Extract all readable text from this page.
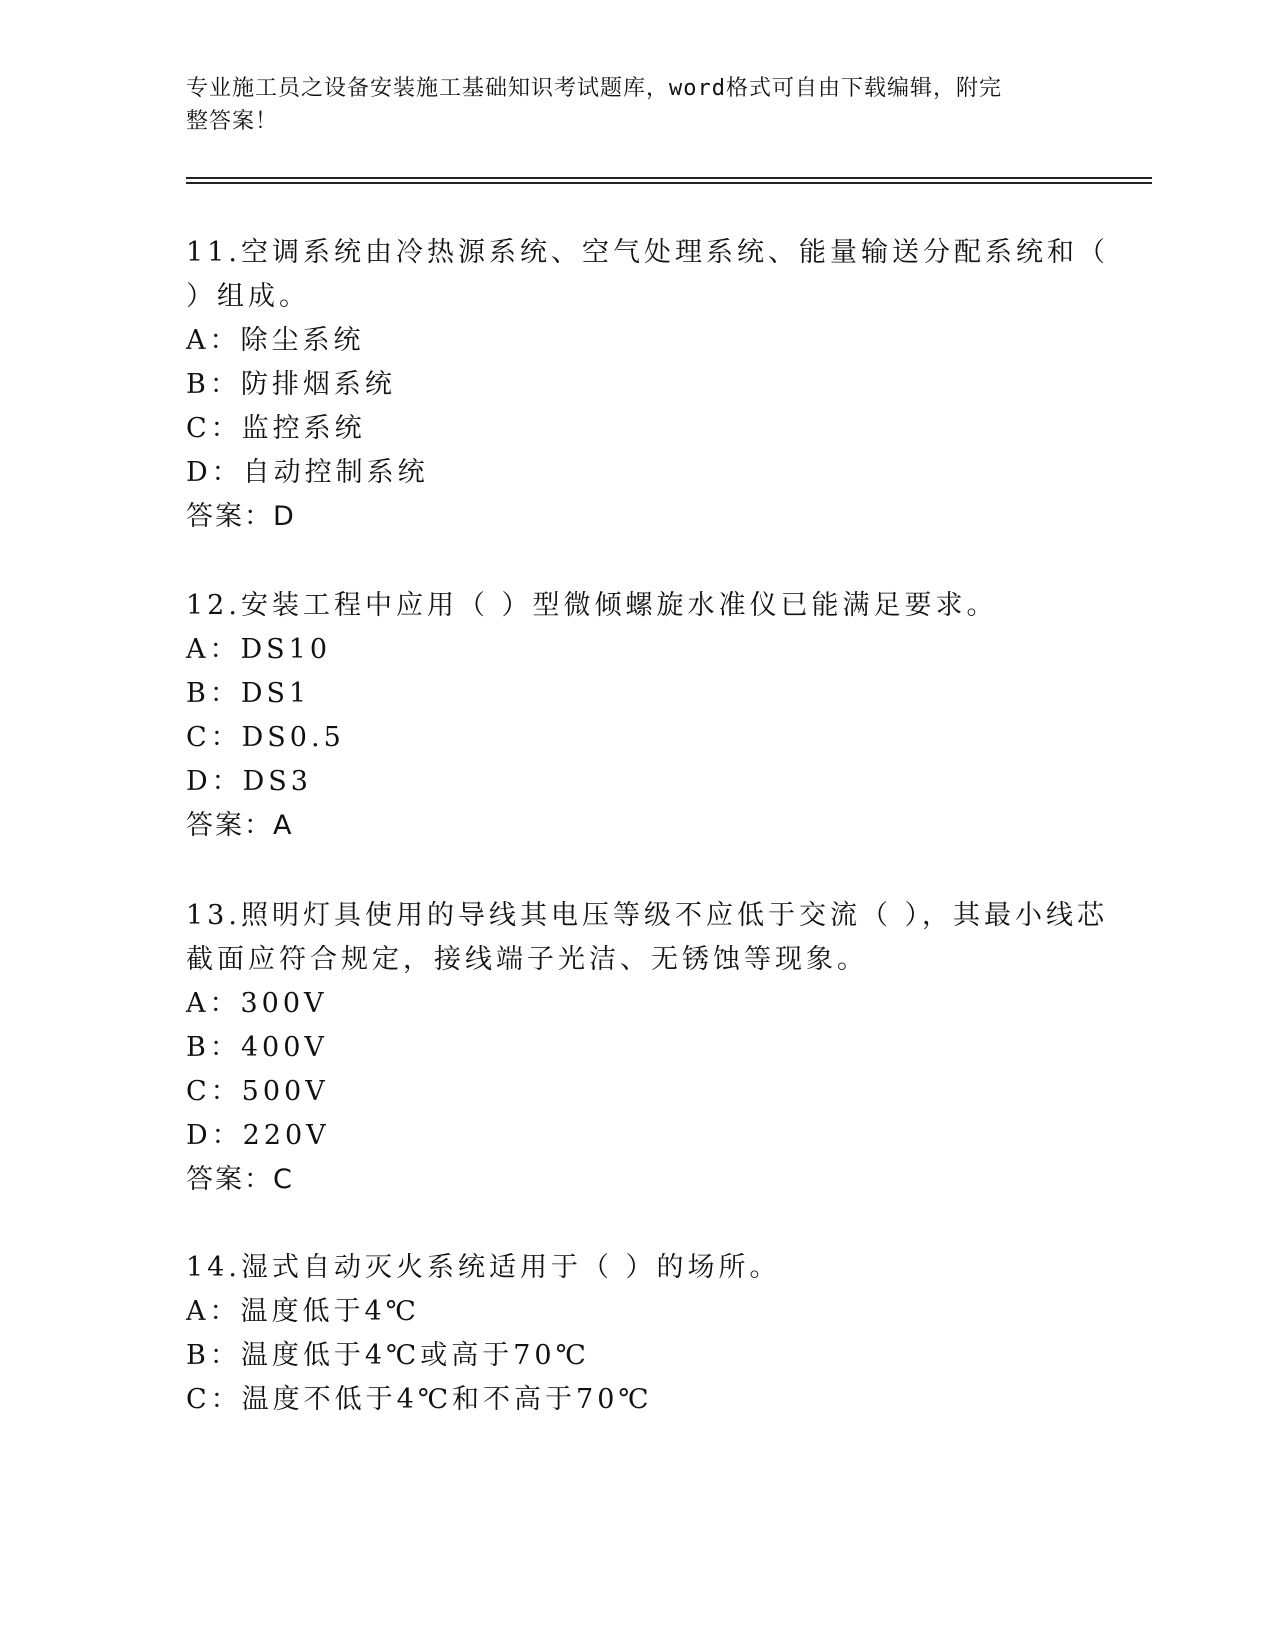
专业施工员之设备安装施工基础知识考试题库，word格式可自由下载编辑，附完
整答案！
11.空调系统由冷热源系统、空气处理系统、能量输送分配系统和（
）组成。
A：除尘系统
B：防排烟系统
C：监控系统
D：自动控制系统
答案：D
12.安装工程中应用（ ）型微倾螺旋水准仪已能满足要求。
A：DS10
B：DS1
C：DS0.5
D：DS3
答案：A
13.照明灯具使用的导线其电压等级不应低于交流（ ），其最小线芯
截面应符合规定，接线端子光洁、无锈蚀等现象。
A：300V
B：400V
C：500V
D：220V
答案：C
14.湿式自动灭火系统适用于（ ）的场所。
A：温度低于4℃
B：温度低于4℃或高于70℃
C：温度不低于4℃和不高于70℃
